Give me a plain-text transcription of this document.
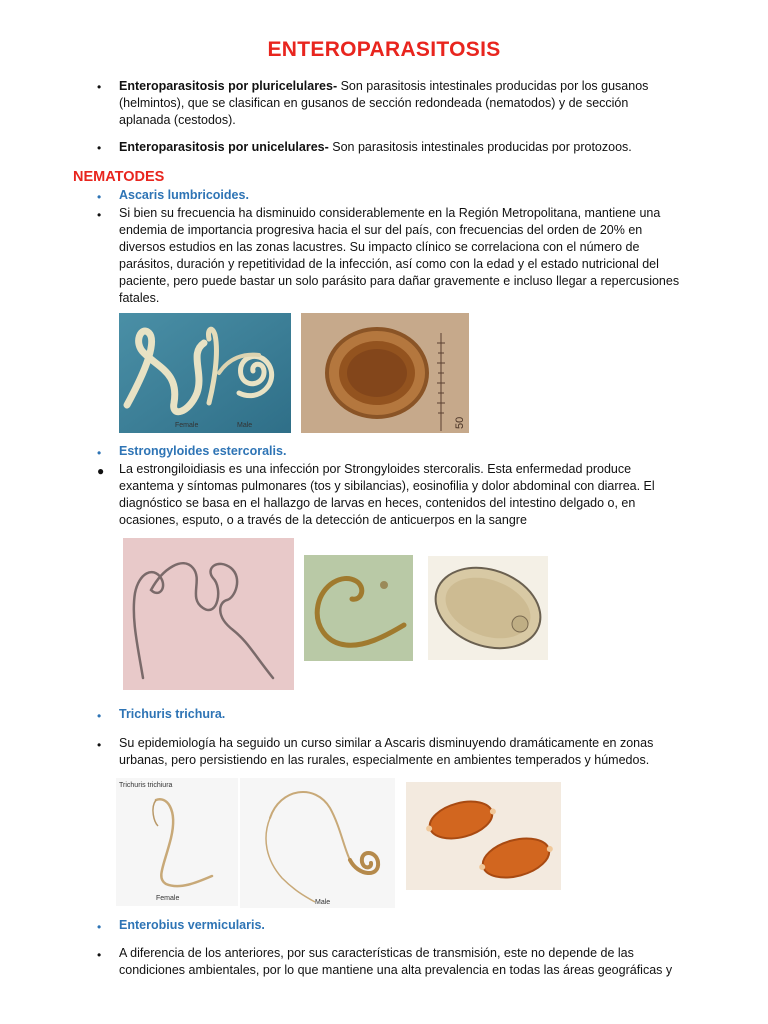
ENTEROPARASITOSIS
• Enteroparasitosis por pluricelulares- Son parasitosis intestinales producidas por los gusanos (helmintos), que se clasifican en gusanos de sección redondeada (nematodos) y de sección aplanada (cestodos).
• Enteroparasitosis por unicelulares- Son parasitosis intestinales producidas por protozoos.
NEMATODES
• Ascaris lumbricoides.
• Si bien su frecuencia ha disminuido considerablemente en la Región Metropolitana, mantiene una endemia de importancia progresiva hacia el sur del país, con frecuencias del orden de 20% en diversos estudios en las zonas lacustres. Su impacto clínico se correlaciona con el número de parásitos, duración y repetitividad de la infección, así como con la edad y el estado nutricional del paciente, pero puede bastar un solo parásito para dañar gravemente e incluso llegar a repercusiones fatales.
Female	Male	50
• Estrongyloides estercoralis.
● La estrongiloidiasis es una infección por Strongyloides stercoralis. Esta enfermedad produce exantema y síntomas pulmonares (tos y sibilancias), eosinofilia y dolor abdominal con diarrea. El diagnóstico se basa en el hallazgo de larvas en heces, contenidos del intestino delgado o, en ocasiones, esputo, o a través de la detección de anticuerpos en la sangre
• Trichuris trichura.
• Su epidemiología ha seguido un curso similar a Ascaris disminuyendo dramáticamente en zonas urbanas, pero persistiendo en las rurales, especialmente en ambientes temperados y húmedos.
Trichuris trichiura
Female
Male
• Enterobius vermicularis.
• A diferencia de los anteriores, por sus características de transmisión, este no depende de las condiciones ambientales, por lo que mantiene una alta prevalencia en todas las áreas geográficas y
